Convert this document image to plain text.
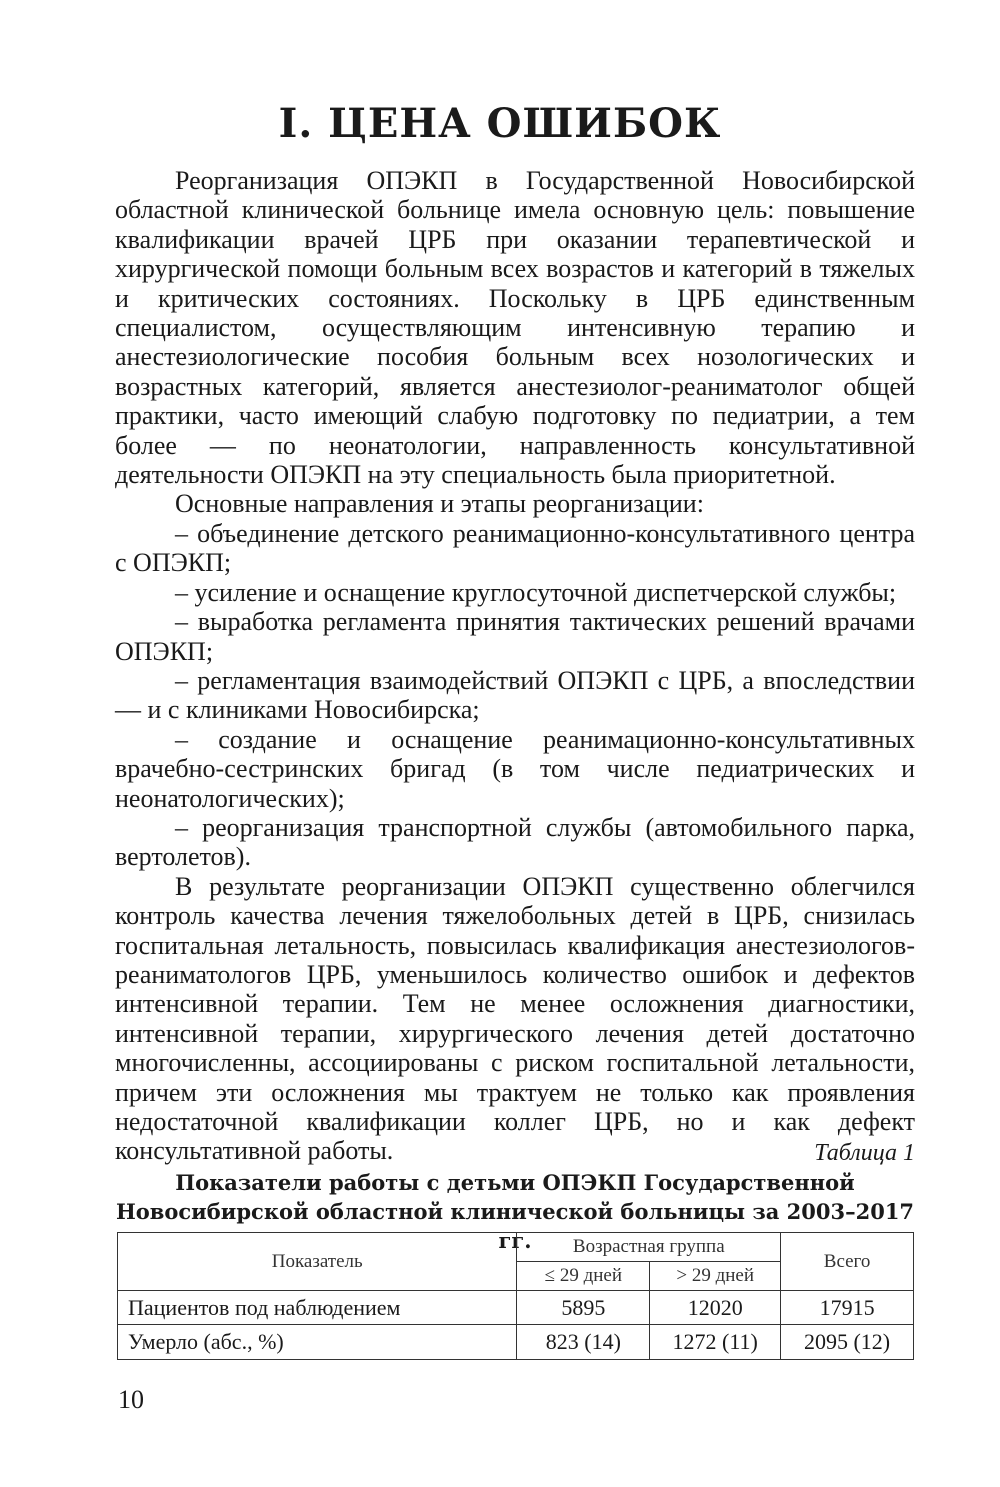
I. ЦЕНА ОШИБОК

Реорганизация ОПЭКП в Государственной Новосибирской областной клинической больнице имела основную цель: повышение квалификации врачей ЦРБ при оказании терапевтической и хирургической помощи больным всех возрастов и категорий в тяжелых и критических состояниях. Поскольку в ЦРБ единственным специалистом, осуществляющим интенсивную терапию и анестезиологические пособия больным всех нозологических и возрастных категорий, является анестезиолог-реаниматолог общей практики, часто имеющий слабую подготовку по педиатрии, а тем более — по неонатологии, направленность консультативной деятельности ОПЭКП на эту специальность была приоритетной.

Основные направления и этапы реорганизации:

– объединение детского реанимационно-консультативного центра с ОПЭКП;

– усиление и оснащение круглосуточной диспетчерской службы;

– выработка регламента принятия тактических решений врачами ОПЭКП;

– регламентация взаимодействий ОПЭКП с ЦРБ, а впоследствии — и с клиниками Новосибирска;

– создание и оснащение реанимационно-консультативных врачебно-сестринских бригад (в том числе педиатрических и неонатологических);

– реорганизация транспортной службы (автомобильного парка, вертолетов).

В результате реорганизации ОПЭКП существенно облегчился контроль качества лечения тяжелобольных детей в ЦРБ, снизилась госпитальная летальность, повысилась квалификация анестезиологов-реаниматологов ЦРБ, уменьшилось количество ошибок и дефектов интенсивной терапии. Тем не менее осложнения диагностики, интенсивной терапии, хирургического лечения детей достаточно многочисленны, ассоциированы с риском госпитальной летальности, причем эти осложнения мы трактуем не только как проявления недостаточной квалификации коллег ЦРБ, но и как дефект консультативной работы.	Таблица 1

Показатели работы с детьми ОПЭКП Государственной
Новосибирской областной клинической больницы за 2003–2017 гг.
Показатель	Возрастная группа		Всего
	≤ 29 дней	> 29 дней	
Пациентов под наблюдением	5895	12020	17915
Умерло (абс., %)	823 (14)	1272 (11)	2095 (12)

10
